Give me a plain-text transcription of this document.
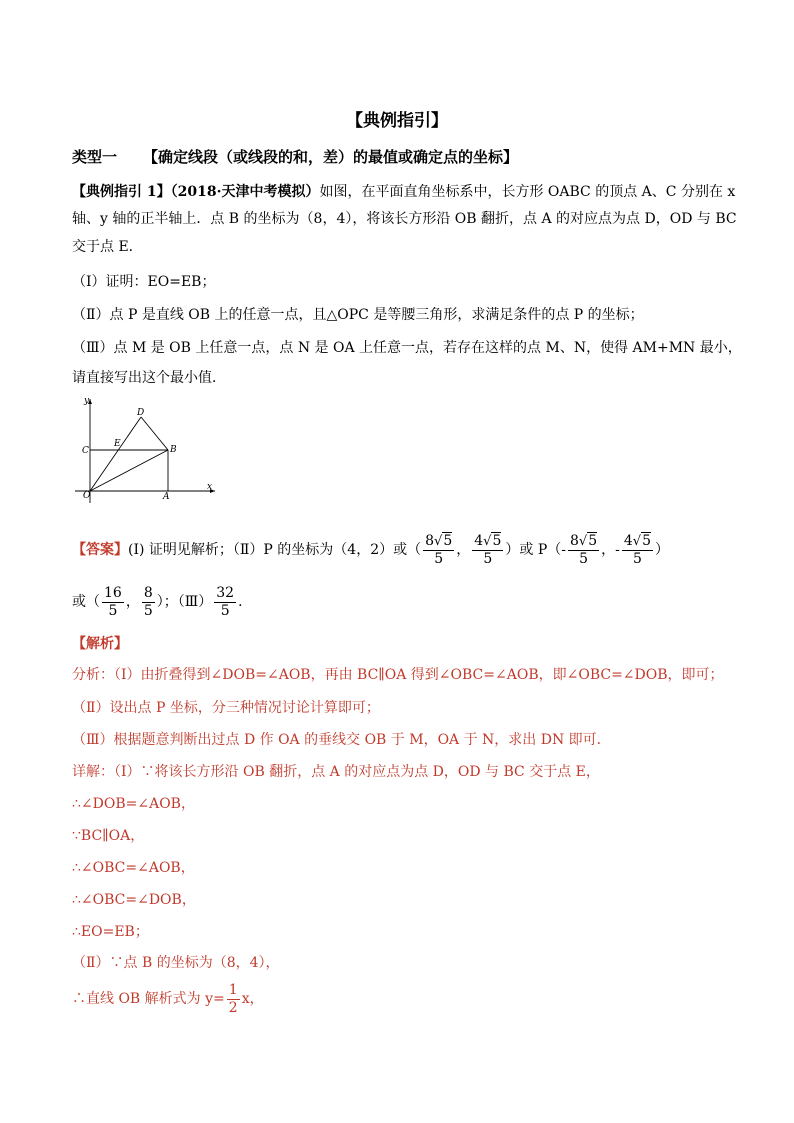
【典例指引】
类型一 【确定线段（或线段的和，差）的最值或确定点的坐标】
【典例指引 1】（2018·天津中考模拟）如图，在平面直角坐标系中，长方形 OABC 的顶点 A、C 分别在 x
轴、y 轴的正半轴上．点 B 的坐标为（8，4），将该长方形沿 OB 翻折，点 A 的对应点为点 D，OD 与 BC
交于点 E．
（I）证明：EO=EB；
（Ⅱ）点 P 是直线 OB 上的任意一点，且△OPC 是等腰三角形，求满足条件的点 P 的坐标；
（Ⅲ）点 M 是 OB 上任意一点，点 N 是 OA 上任意一点，若存在这样的点 M、N，使得 AM+MN 最小，
请直接写出这个最小值．
y
x
O	A
B
C
D
E
【答案】(I) 证明见解析；（Ⅱ）P 的坐标为（4，2）或（ $\frac{8√5}{5}$ ， $\frac{4√5}{5}$ ）或 $P(- \frac{8√5}{5}$ ，- $\frac{4√5}{5}$ ）
或（ $\frac{16}{5}$ ， $\frac{8}{5}$ ）；（Ⅲ） $\frac{32}{5}$ ．
【解析】
分析：（Ⅰ）由折叠得到∠DOB=∠AOB，再由 BC∥OA 得到∠OBC=∠AOB，即∠OBC=∠DOB，即可；
（Ⅱ）设出点 P 坐标，分三种情况讨论计算即可；
（Ⅲ）根据题意判断出过点 D 作 OA 的垂线交 OB 于 M，OA 于 N，求出 DN 即可．
详解：（Ⅰ）∵将该长方形沿 OB 翻折，点 A 的对应点为点 D，OD 与 BC 交于点 E，
∴∠DOB=∠AOB，
∵BC∥OA，
∴∠OBC=∠AOB，
∴∠OBC=∠DOB，
∴EO=EB；
（Ⅱ）∵点 B 的坐标为（8，4），
∴直线 OB 解析式为 $y= \frac{1}{2}$ x，
